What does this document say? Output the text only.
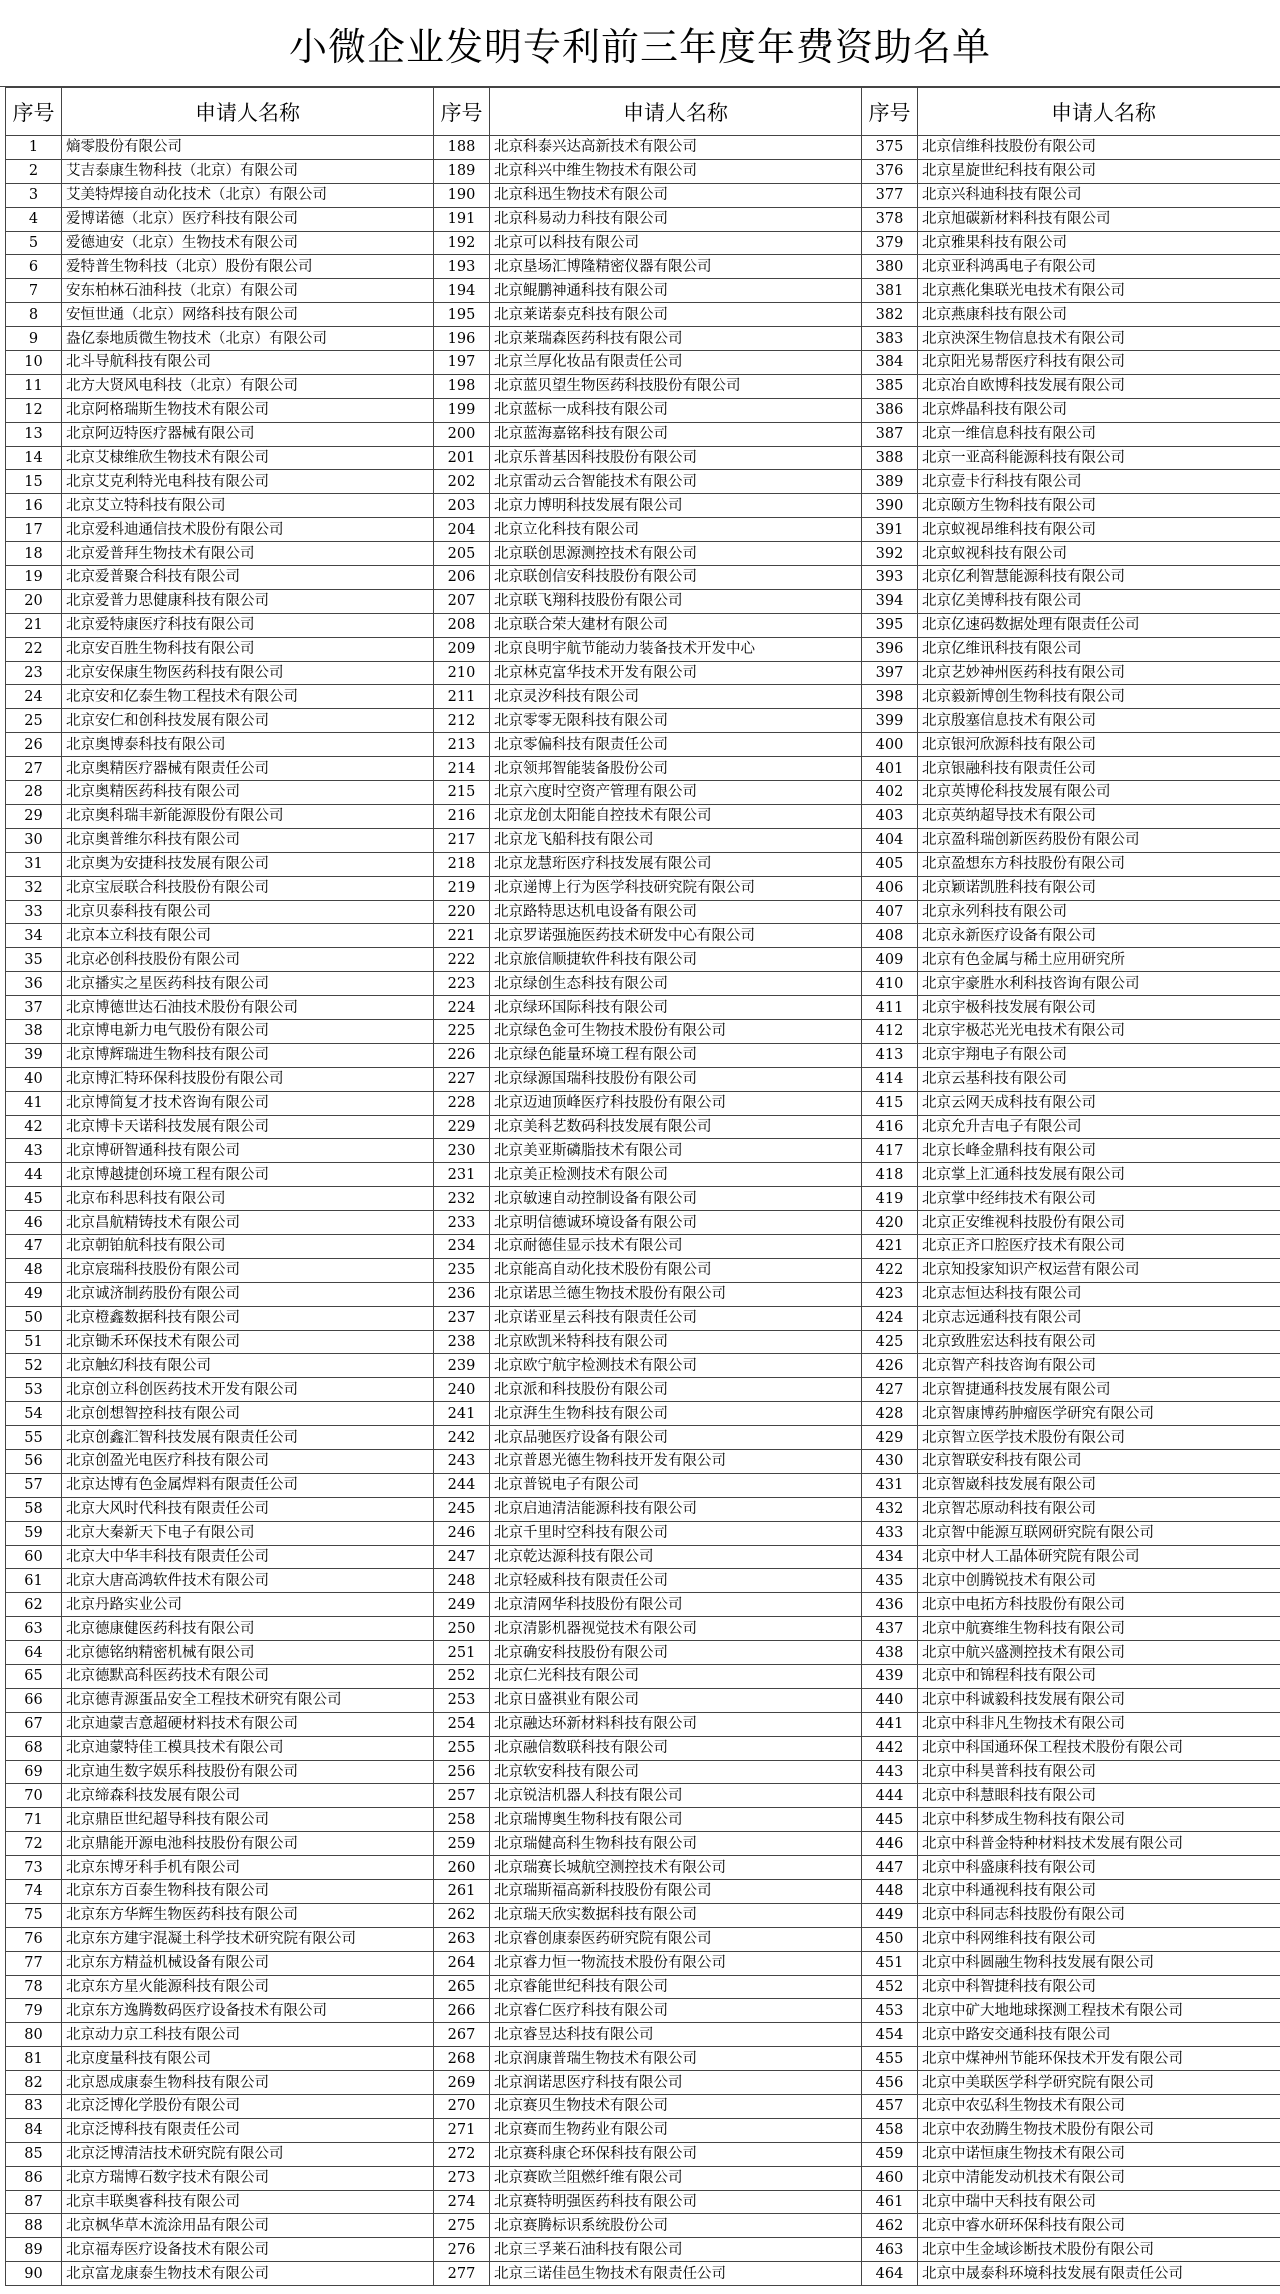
小微企业发明专利前三年度年费资助名单
序号	申请人名称	序号	申请人名称	序号	申请人名称
1	熵零股份有限公司	188	北京科泰兴达高新技术有限公司	375	北京信维科技股份有限公司
2	艾吉泰康生物科技（北京）有限公司	189	北京科兴中维生物技术有限公司	376	北京星旋世纪科技有限公司
3	艾美特焊接自动化技术（北京）有限公司	190	北京科迅生物技术有限公司	377	北京兴科迪科技有限公司
4	爱博诺德（北京）医疗科技有限公司	191	北京科易动力科技有限公司	378	北京旭碳新材料科技有限公司
5	爱德迪安（北京）生物技术有限公司	192	北京可以科技有限公司	379	北京雅果科技有限公司
6	爱特普生物科技（北京）股份有限公司	193	北京垦场汇博隆精密仪器有限公司	380	北京亚科鸿禹电子有限公司
7	安东柏林石油科技（北京）有限公司	194	北京鲲鹏神通科技有限公司	381	北京燕化集联光电技术有限公司
8	安恒世通（北京）网络科技有限公司	195	北京莱诺泰克科技有限公司	382	北京燕康科技有限公司
9	盎亿泰地质微生物技术（北京）有限公司	196	北京莱瑞森医药科技有限公司	383	北京泱深生物信息技术有限公司
10	北斗导航科技有限公司	197	北京兰厚化妆品有限责任公司	384	北京阳光易帮医疗科技有限公司
11	北方大贤风电科技（北京）有限公司	198	北京蓝贝望生物医药科技股份有限公司	385	北京冶自欧博科技发展有限公司
12	北京阿格瑞斯生物技术有限公司	199	北京蓝标一成科技有限公司	386	北京烨晶科技有限公司
13	北京阿迈特医疗器械有限公司	200	北京蓝海嘉铭科技有限公司	387	北京一维信息科技有限公司
14	北京艾棣维欣生物技术有限公司	201	北京乐普基因科技股份有限公司	388	北京一亚高科能源科技有限公司
15	北京艾克利特光电科技有限公司	202	北京雷动云合智能技术有限公司	389	北京壹卡行科技有限公司
16	北京艾立特科技有限公司	203	北京力博明科技发展有限公司	390	北京颐方生物科技有限公司
17	北京爱科迪通信技术股份有限公司	204	北京立化科技有限公司	391	北京蚁视昂维科技有限公司
18	北京爱普拜生物技术有限公司	205	北京联创思源测控技术有限公司	392	北京蚁视科技有限公司
19	北京爱普聚合科技有限公司	206	北京联创信安科技股份有限公司	393	北京亿利智慧能源科技有限公司
20	北京爱普力思健康科技有限公司	207	北京联飞翔科技股份有限公司	394	北京亿美博科技有限公司
21	北京爱特康医疗科技有限公司	208	北京联合荣大建材有限公司	395	北京亿速码数据处理有限责任公司
22	北京安百胜生物科技有限公司	209	北京良明宇航节能动力装备技术开发中心	396	北京亿维讯科技有限公司
23	北京安保康生物医药科技有限公司	210	北京林克富华技术开发有限公司	397	北京艺妙神州医药科技有限公司
24	北京安和亿泰生物工程技术有限公司	211	北京灵汐科技有限公司	398	北京毅新博创生物科技有限公司
25	北京安仁和创科技发展有限公司	212	北京零零无限科技有限公司	399	北京殷塞信息技术有限公司
26	北京奥博泰科技有限公司	213	北京零偏科技有限责任公司	400	北京银河欣源科技有限公司
27	北京奥精医疗器械有限责任公司	214	北京领邦智能装备股份公司	401	北京银融科技有限责任公司
28	北京奥精医药科技有限公司	215	北京六度时空资产管理有限公司	402	北京英博伦科技发展有限公司
29	北京奥科瑞丰新能源股份有限公司	216	北京龙创太阳能自控技术有限公司	403	北京英纳超导技术有限公司
30	北京奥普维尔科技有限公司	217	北京龙飞船科技有限公司	404	北京盈科瑞创新医药股份有限公司
31	北京奥为安捷科技发展有限公司	218	北京龙慧珩医疗科技发展有限公司	405	北京盈想东方科技股份有限公司
32	北京宝辰联合科技股份有限公司	219	北京递博上行为医学科技研究院有限公司	406	北京颖诺凯胜科技有限公司
33	北京贝泰科技有限公司	220	北京路特思达机电设备有限公司	407	北京永列科技有限公司
34	北京本立科技有限公司	221	北京罗诺强施医药技术研发中心有限公司	408	北京永新医疗设备有限公司
35	北京必创科技股份有限公司	222	北京旅信顺捷软件科技有限公司	409	北京有色金属与稀土应用研究所
36	北京播实之星医药科技有限公司	223	北京绿创生态科技有限公司	410	北京宇豪胜水利科技咨询有限公司
37	北京博德世达石油技术股份有限公司	224	北京绿环国际科技有限公司	411	北京宇极科技发展有限公司
38	北京博电新力电气股份有限公司	225	北京绿色金可生物技术股份有限公司	412	北京宇极芯光光电技术有限公司
39	北京博辉瑞进生物科技有限公司	226	北京绿色能量环境工程有限公司	413	北京宇翔电子有限公司
40	北京博汇特环保科技股份有限公司	227	北京绿源国瑞科技股份有限公司	414	北京云基科技有限公司
41	北京博简复才技术咨询有限公司	228	北京迈迪顶峰医疗科技股份有限公司	415	北京云网天成科技有限公司
42	北京博卡天诺科技发展有限公司	229	北京美科艺数码科技发展有限公司	416	北京允升吉电子有限公司
43	北京博研智通科技有限公司	230	北京美亚斯磷脂技术有限公司	417	北京长峰金鼎科技有限公司
44	北京博越捷创环境工程有限公司	231	北京美正检测技术有限公司	418	北京掌上汇通科技发展有限公司
45	北京布科思科技有限公司	232	北京敏速自动控制设备有限公司	419	北京掌中经纬技术有限公司
46	北京昌航精铸技术有限公司	233	北京明信德诚环境设备有限公司	420	北京正安维视科技股份有限公司
47	北京朝铂航科技有限公司	234	北京耐德佳显示技术有限公司	421	北京正齐口腔医疗技术有限公司
48	北京宸瑞科技股份有限公司	235	北京能高自动化技术股份有限公司	422	北京知投家知识产权运营有限公司
49	北京诚济制药股份有限公司	236	北京诺思兰德生物技术股份有限公司	423	北京志恒达科技有限公司
50	北京橙鑫数据科技有限公司	237	北京诺亚星云科技有限责任公司	424	北京志远通科技有限公司
51	北京锄禾环保技术有限公司	238	北京欧凯米特科技有限公司	425	北京致胜宏达科技有限公司
52	北京触幻科技有限公司	239	北京欧宁航宇检测技术有限公司	426	北京智产科技咨询有限公司
53	北京创立科创医药技术开发有限公司	240	北京派和科技股份有限公司	427	北京智捷通科技发展有限公司
54	北京创想智控科技有限公司	241	北京湃生生物科技有限公司	428	北京智康博药肿瘤医学研究有限公司
55	北京创鑫汇智科技发展有限责任公司	242	北京品驰医疗设备有限公司	429	北京智立医学技术股份有限公司
56	北京创盈光电医疗科技有限公司	243	北京普恩光德生物科技开发有限公司	430	北京智联安科技有限公司
57	北京达博有色金属焊料有限责任公司	244	北京普锐电子有限公司	431	北京智崴科技发展有限公司
58	北京大风时代科技有限责任公司	245	北京启迪清洁能源科技有限公司	432	北京智芯原动科技有限公司
59	北京大秦新天下电子有限公司	246	北京千里时空科技有限公司	433	北京智中能源互联网研究院有限公司
60	北京大中华丰科技有限责任公司	247	北京乾达源科技有限公司	434	北京中材人工晶体研究院有限公司
61	北京大唐高鸿软件技术有限公司	248	北京轻威科技有限责任公司	435	北京中创腾锐技术有限公司
62	北京丹路实业公司	249	北京清网华科技股份有限公司	436	北京中电拓方科技股份有限公司
63	北京德康健医药科技有限公司	250	北京清影机器视觉技术有限公司	437	北京中航赛维生物科技有限公司
64	北京德铭纳精密机械有限公司	251	北京确安科技股份有限公司	438	北京中航兴盛测控技术有限公司
65	北京德默高科医药技术有限公司	252	北京仁光科技有限公司	439	北京中和锦程科技有限公司
66	北京德青源蛋品安全工程技术研究有限公司	253	北京日盛祺业有限公司	440	北京中科诚毅科技发展有限公司
67	北京迪蒙吉意超硬材料技术有限公司	254	北京融达环新材料科技有限公司	441	北京中科非凡生物技术有限公司
68	北京迪蒙特佳工模具技术有限公司	255	北京融信数联科技有限公司	442	北京中科国通环保工程技术股份有限公司
69	北京迪生数字娱乐科技股份有限公司	256	北京软安科技有限公司	443	北京中科昊普科技有限公司
70	北京缔森科技发展有限公司	257	北京锐洁机器人科技有限公司	444	北京中科慧眼科技有限公司
71	北京鼎臣世纪超导科技有限公司	258	北京瑞博奥生物科技有限公司	445	北京中科梦成生物科技有限公司
72	北京鼎能开源电池科技股份有限公司	259	北京瑞健高科生物科技有限公司	446	北京中科普金特种材料技术发展有限公司
73	北京东博牙科手机有限公司	260	北京瑞赛长城航空测控技术有限公司	447	北京中科盛康科技有限公司
74	北京东方百泰生物科技有限公司	261	北京瑞斯福高新科技股份有限公司	448	北京中科通视科技有限公司
75	北京东方华辉生物医药科技有限公司	262	北京瑞天欣实数据科技有限公司	449	北京中科同志科技股份有限公司
76	北京东方建宇混凝土科学技术研究院有限公司	263	北京睿创康泰医药研究院有限公司	450	北京中科网维科技有限公司
77	北京东方精益机械设备有限公司	264	北京睿力恒一物流技术股份有限公司	451	北京中科圆融生物科技发展有限公司
78	北京东方星火能源科技有限公司	265	北京睿能世纪科技有限公司	452	北京中科智捷科技有限公司
79	北京东方逸腾数码医疗设备技术有限公司	266	北京睿仁医疗科技有限公司	453	北京中矿大地地球探测工程技术有限公司
80	北京动力京工科技有限公司	267	北京睿昱达科技有限公司	454	北京中路安交通科技有限公司
81	北京度量科技有限公司	268	北京润康普瑞生物技术有限公司	455	北京中煤神州节能环保技术开发有限公司
82	北京恩成康泰生物科技有限公司	269	北京润诺思医疗科技有限公司	456	北京中美联医学科学研究院有限公司
83	北京泛博化学股份有限公司	270	北京赛贝生物技术有限公司	457	北京中农弘科生物技术有限公司
84	北京泛博科技有限责任公司	271	北京赛而生物药业有限公司	458	北京中农劲腾生物技术股份有限公司
85	北京泛博清洁技术研究院有限公司	272	北京赛科康仑环保科技有限公司	459	北京中诺恒康生物技术有限公司
86	北京方瑞博石数字技术有限公司	273	北京赛欧兰阻燃纤维有限公司	460	北京中清能发动机技术有限公司
87	北京丰联奥睿科技有限公司	274	北京赛特明强医药科技有限公司	461	北京中瑞中天科技有限公司
88	北京枫华草木流涂用品有限公司	275	北京赛腾标识系统股份公司	462	北京中睿水研环保科技有限公司
89	北京福寿医疗设备技术有限公司	276	北京三孚莱石油科技有限公司	463	北京中生金域诊断技术股份有限公司
90	北京富龙康泰生物技术有限公司	277	北京三诺佳邑生物技术有限责任公司	464	北京中晟泰科环境科技发展有限责任公司
